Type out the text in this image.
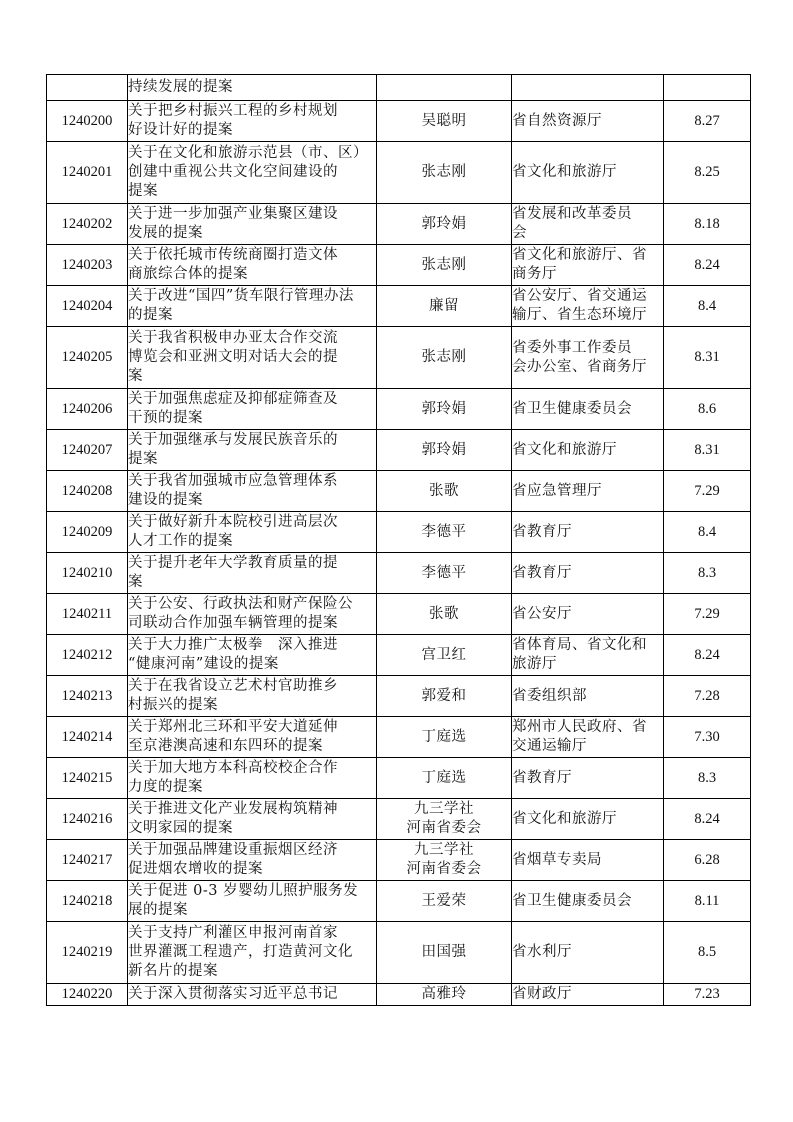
	持续发展的提案			

1240200	关于把乡村振兴工程的乡村规划
好设计好的提案	吴聪明	省自然资源厅	8.27
1240201	关于在文化和旅游示范县（市、区）
创建中重视公共文化空间建设的
提案	张志刚	省文化和旅游厅	8.25
1240202	关于进一步加强产业集聚区建设
发展的提案	郭玲娟	省发展和改革委员
会	8.18
1240203	关于依托城市传统商圈打造文体
商旅综合体的提案	张志刚	省文化和旅游厅、省
商务厅	8.24
1240204	关于改进“国四”货车限行管理办法
的提案	廉留	省公安厅、省交通运
输厅、省生态环境厅	8.4
1240205	关于我省积极申办亚太合作交流
博览会和亚洲文明对话大会的提
案	张志刚	省委外事工作委员
会办公室、省商务厅	8.31
1240206	关于加强焦虑症及抑郁症筛查及
干预的提案	郭玲娟	省卫生健康委员会	8.6
1240207	关于加强继承与发展民族音乐的
提案	郭玲娟	省文化和旅游厅	8.31
1240208	关于我省加强城市应急管理体系
建设的提案	张歌	省应急管理厅	7.29
1240209	关于做好新升本院校引进高层次
人才工作的提案	李德平	省教育厅	8.4
1240210	关于提升老年大学教育质量的提
案	李德平	省教育厅	8.3
1240211	关于公安、行政执法和财产保险公
司联动合作加强车辆管理的提案	张歌	省公安厅	7.29
1240212	关于大力推广太极拳　深入推进
“健康河南”建设的提案	宫卫红	省体育局、省文化和
旅游厅	8.24
1240213	关于在我省设立艺术村官助推乡
村振兴的提案	郭爱和	省委组织部	7.28
1240214	关于郑州北三环和平安大道延伸
至京港澳高速和东四环的提案	丁庭选	郑州市人民政府、省
交通运输厅	7.30
1240215	关于加大地方本科高校校企合作
力度的提案	丁庭选	省教育厅	8.3
1240216	关于推进文化产业发展构筑精神
文明家园的提案	九三学社
河南省委会	省文化和旅游厅	8.24
1240217	关于加强品牌建设重振烟区经济
促进烟农增收的提案	九三学社
河南省委会	省烟草专卖局	6.28
1240218	关于促进 0-3 岁婴幼儿照护服务发
展的提案	王爱荣	省卫生健康委员会	8.11
1240219	关于支持广利灌区申报河南首家
世界灌溉工程遗产，打造黄河文化
新名片的提案	田国强	省水利厅	8.5
1240220	关于深入贯彻落实习近平总书记	高雅玲	省财政厅	7.23
